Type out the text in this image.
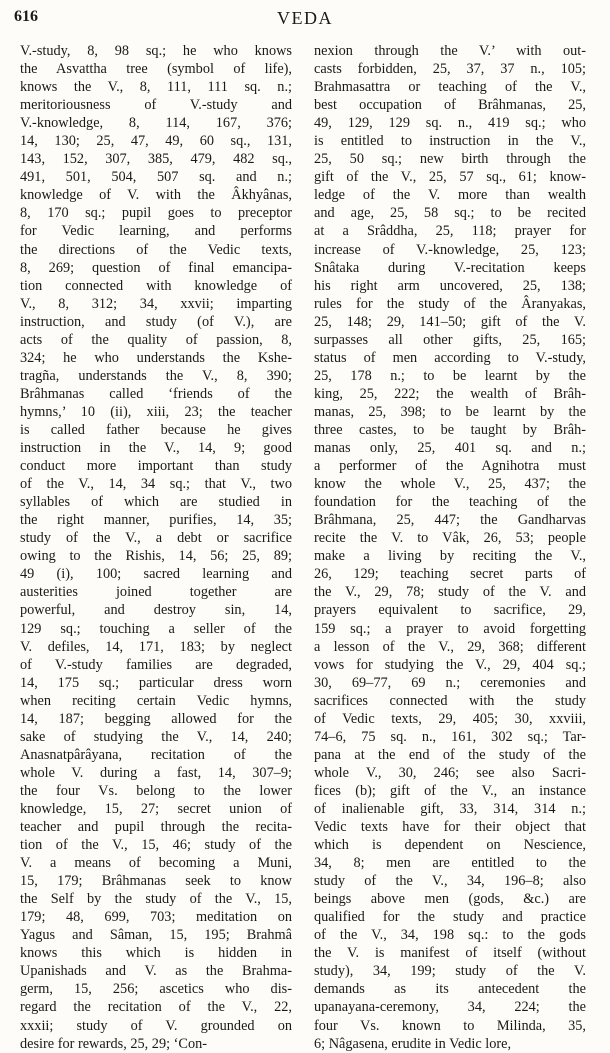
616	VEDA
V.-study, 8, 98 sq.; he who knows
the Asvattha tree (symbol of life),
knows the V., 8, 111, 111 sq. n.;
meritoriousness of V.-study and
V.-knowledge, 8, 114, 167, 376;
14, 130; 25, 47, 49, 60 sq., 131,
143, 152, 307, 385, 479, 482 sq.,
491, 501, 504, 507 sq. and n.;
knowledge of V. with the Âkhyânas,
8, 170 sq.; pupil goes to preceptor
for Vedic learning, and performs
the directions of the Vedic texts,
8, 269; question of final emancipa-
tion connected with knowledge of
V., 8, 312; 34, xxvii; imparting
instruction, and study (of V.), are
acts of the quality of passion, 8,
324; he who understands the Kshe-
tragña, understands the V., 8, 390;
Brâhmanas called ‘friends of the
hymns,’ 10 (ii), xiii, 23; the teacher
is called father because he gives
instruction in the V., 14, 9; good
conduct more important than study
of the V., 14, 34 sq.; that V., two
syllables of which are studied in
the right manner, purifies, 14, 35;
study of the V., a debt or sacrifice
owing to the Rishis, 14, 56; 25, 89;
49 (i), 100; sacred learning and
austerities joined together are
powerful, and destroy sin, 14,
129 sq.; touching a seller of the
V. defiles, 14, 171, 183; by neglect
of V.-study families are degraded,
14, 175 sq.; particular dress worn
when reciting certain Vedic hymns,
14, 187; begging allowed for the
sake of studying the V., 14, 240;
Anasnatpârâyana, recitation of the
whole V. during a fast, 14, 307–9;
the four Vs. belong to the lower
knowledge, 15, 27; secret union of
teacher and pupil through the recita-
tion of the V., 15, 46; study of the
V. a means of becoming a Muni,
15, 179; Brâhmanas seek to know
the Self by the study of the V., 15,
179; 48, 699, 703; meditation on
Yagus and Sâman, 15, 195; Brahmâ
knows this which is hidden in
Upanishads and V. as the Brahma-
germ, 15, 256; ascetics who dis-
regard the recitation of the V., 22,
xxxii; study of V. grounded on
desire for rewards, 25, 29; ‘Con-
nexion through the V.’ with out-
casts forbidden, 25, 37, 37 n., 105;
Brahmasattra or teaching of the V.,
best occupation of Brâhmanas, 25,
49, 129, 129 sq. n., 419 sq.; who
is entitled to instruction in the V.,
25, 50 sq.; new birth through the
gift of the V., 25, 57 sq., 61; know-
ledge of the V. more than wealth
and age, 25, 58 sq.; to be recited
at a Srâddha, 25, 118; prayer for
increase of V.-knowledge, 25, 123;
Snâtaka during V.-recitation keeps
his right arm uncovered, 25, 138;
rules for the study of the Âranyakas,
25, 148; 29, 141–50; gift of the V.
surpasses all other gifts, 25, 165;
status of men according to V.-study,
25, 178 n.; to be learnt by the
king, 25, 222; the wealth of Brâh-
manas, 25, 398; to be learnt by the
three castes, to be taught by Brâh-
manas only, 25, 401 sq. and n.;
a performer of the Agnihotra must
know the whole V., 25, 437; the
foundation for the teaching of the
Brâhmana, 25, 447; the Gandharvas
recite the V. to Vâk, 26, 53; people
make a living by reciting the V.,
26, 129; teaching secret parts of
the V., 29, 78; study of the V. and
prayers equivalent to sacrifice, 29,
159 sq.; a prayer to avoid forgetting
a lesson of the V., 29, 368; different
vows for studying the V., 29, 404 sq.;
30, 69–77, 69 n.; ceremonies and
sacrifices connected with the study
of Vedic texts, 29, 405; 30, xxviii,
74–6, 75 sq. n., 161, 302 sq.; Tar-
pana at the end of the study of the
whole V., 30, 246; see also Sacri-
fices (b); gift of the V., an instance
of inalienable gift, 33, 314, 314 n.;
Vedic texts have for their object that
which is dependent on Nescience,
34, 8; men are entitled to the
study of the V., 34, 196–8; also
beings above men (gods, &c.) are
qualified for the study and practice
of the V., 34, 198 sq.: to the gods
the V. is manifest of itself (without
study), 34, 199; study of the V.
demands as its antecedent the
upanayana-ceremony, 34, 224; the
four Vs. known to Milinda, 35,
6; Nâgasena, erudite in Vedic lore,
